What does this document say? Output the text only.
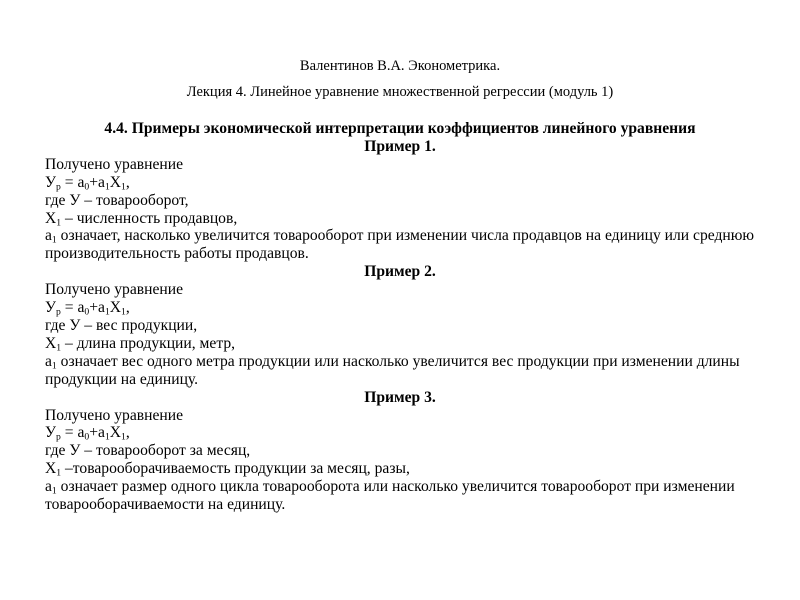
Валентинов В.А. Эконометрика.
Лекция 4. Линейное уравнение множественной регрессии (модуль 1)
4.4. Примеры экономической интерпретации коэффициентов линейного уравнения
Пример 1.
Получено уравнение
$У_р = а_0+а_1Х_1$,
где У – товарооборот,
$Х_1$ – численность продавцов,
$а_1$ означает, насколько увеличится товарооборот при изменении числа продавцов на единицу или среднюю производительность работы продавцов.
Пример 2.
Получено уравнение
$У_р = а_0+а_1Х_1$,
где У – вес продукции,
$Х_1$ – длина продукции, метр,
$а_1$ означает вес одного метра продукции или насколько увеличится вес продукции при изменении длины продукции на единицу.
Пример 3.
Получено уравнение
$У_р = а_0+а_1Х_1$,
где У – товарооборот за месяц,
$Х_1$ –товарооборачиваемость продукции за месяц, разы,
$а_1$ означает размер одного цикла товарооборота или насколько увеличится товарооборот при изменении товарооборачиваемости на единицу.
